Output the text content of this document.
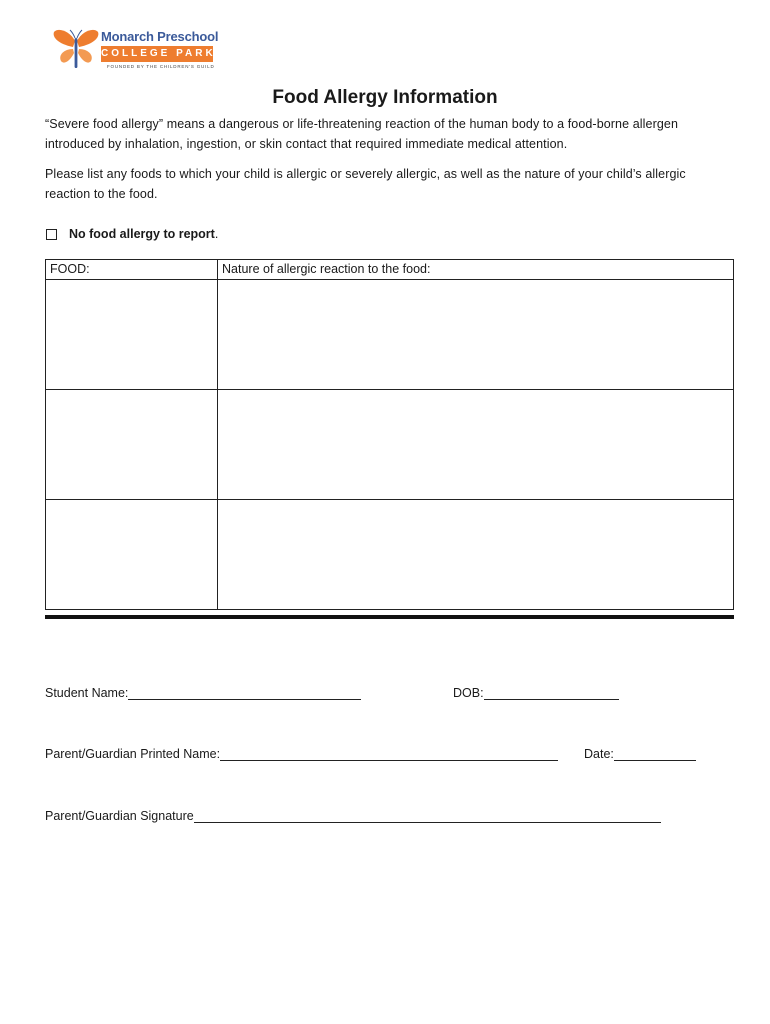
Monarch Preschool
COLLEGE PARK
FOUNDED BY THE CHILDREN'S GUILD
Food Allergy Information

“Severe food allergy” means a dangerous or life-threatening reaction of the human body to a food-borne allergen introduced by inhalation, ingestion, or skin contact that required immediate medical attention.

Please list any foods to which your child is allergic or severely allergic, as well as the nature of your child’s allergic reaction to the food.

No food allergy to report .
FOOD:	Nature of allergic reaction to the food:

Student Name:	DOB:
Parent/Guardian Printed Name:	Date:
Parent/Guardian Signature
